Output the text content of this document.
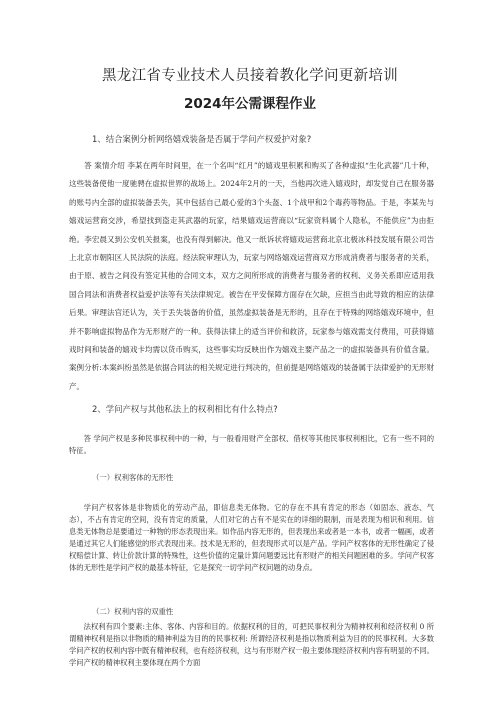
黑龙江省专业技术人员接着教化学问更新培训
2024年公需课程作业
1、结合案例分析网络嬉戏装备是否属于学问产权爱护对象?

答 案情介绍 李某在两年时间里，在一个名叫“红月”的嬉戏里积累和购买了各种虚拟“生化武器”几十种，这些装备使他一度驰骋在虚拟世界的战场上。2024年2月的一天，当他再次进入嬉戏时，却发觉自己在服务器的账号内全部的虚拟装备丢失，其中包括自己最心爱的3个头盔、1个战甲和2个毒药等物品。于是，李某先与嬉戏运营商交涉，希望找到盗走其武器的玩家，结果嬉戏运营商以“玩家资料属个人隐私，不能供应”为由拒绝。李宏晨又到公安机关报案，也没有得到解决。他又一纸诉状将嬉戏运营商北京北极冰科技发展有限公司告上北京市朝阳区人民法院的法庭。经法院审理认为，玩家与网络嬉戏运营商双方形成消费者与服务者的关系，由于原、被告之间没有签定其他的合同文本，双方之间所形成的消费者与服务者的权利、义务关系即应适用我国合同法和消费者权益爱护法等有关法律规定。被告在平安保障方面存在欠缺，应担当由此导致的相应的法律后果。审理法官还认为，关于丢失装备的价值，虽然虚拟装备是无形的，且存在于特殊的网络嬉戏环境中，但并不影响虚拟物品作为无形财产的一种。获得法律上的适当评价和救济，玩家参与嬉戏需支付费用，可获得嬉戏时间和装备的嬉戏卡均需以货币购买，这些事实均反映出作为嬉戏主要产品之一的虚拟装备具有价值含量。案例分析:本案纠纷虽然是依据合同法的相关规定进行判决的，但前提是网络嬉戏的装备属于法律爱护的无形财产。

2、学问产权与其他私法上的权利相比有什么特点?

答 学问产权是多种民事权利中的一种，与一般看用财产全部权、借权等其他民事权利相比，它有一些不同的特征。

（一）权利客体的无形性

学问产权客体是非物质化的劳动产品，即信息类无体物。它的存在不具有肯定的形态（如固态、液态、气态），不占有肯定的空间，没有肯定的质量，人们对它的占有不是实在的详细的限制，而是表现为相识和利用。信息类无体物总是要通过一种物的形态表现出来。如作品内容无形的，但表现出来或者是一本书，或者一幅画，或者是通过其它人们能感觉的形式表现出来。技术是无形的，但表现形式可以是产品。学问产权客体的无形性确定了侵权赔偿计算、转让价款计算的特殊性，这些价值的定量计算问题要远比有形财产的相关问题困难的多。学问产权客体的无形性是学问产权的最基本特征，它是探究一切学问产权问题的动身点。

（二）权利内容的双重性

法权利有四个要素:主体、客体、内容和目的。依据权利的目的，可把民事权利分为精神权利和经济权利 0 所谓精神权利是指以非物质的精神利益为目的的民事权利: 所谓经济权利是指以物质利益为目的的民事权利。大多数学问产权的权利内容中既有精神权利，也有经济权利，这与有形财产权一般主要体现经济权利内容有明显的不同。学问产权的精神权利主要体现在两个方面
